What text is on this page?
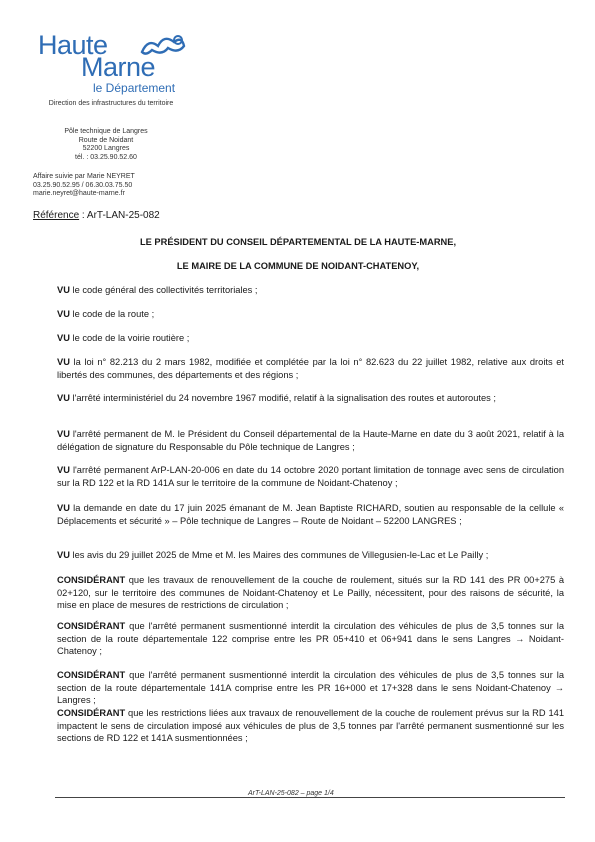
Haute
Marne
le Département
Direction des infrastructures du territoire
Pôle technique de Langres
Route de Noidant
52200 Langres
tél. : 03.25.90.52.60
Affaire suivie par Marie NEYRET
03.25.90.52.95 / 06.30.03.75.50
marie.neyret@haute-marne.fr
Référence : ArT-LAN-25-082
LE PRÉSIDENT DU CONSEIL DÉPARTEMENTAL DE LA HAUTE-MARNE,
LE MAIRE DE LA COMMUNE DE NOIDANT-CHATENOY,
VU le code général des collectivités territoriales ;
VU le code de la route ;
VU le code de la voirie routière ;
VU la loi n° 82.213 du 2 mars 1982, modifiée et complétée par la loi n° 82.623 du 22 juillet 1982, relative aux droits et libertés des communes, des départements et des régions ;
VU l'arrêté interministériel du 24 novembre 1967 modifié, relatif à la signalisation des routes et autoroutes ;
VU l'arrêté permanent de M. le Président du Conseil départemental de la Haute-Marne en date du 3 août 2021, relatif à la délégation de signature du Responsable du Pôle technique de Langres ;
VU l'arrêté permanent ArP-LAN-20-006 en date du 14 octobre 2020 portant limitation de tonnage avec sens de circulation sur la RD 122 et la RD 141A sur le territoire de la commune de Noidant-Chatenoy ;
VU la demande en date du 17 juin 2025 émanant de M. Jean Baptiste RICHARD, soutien au responsable de la cellule « Déplacements et sécurité » – Pôle technique de Langres – Route de Noidant – 52200 LANGRES ;
VU les avis du 29 juillet 2025 de Mme et M. les Maires des communes de Villegusien-le-Lac et Le Pailly ;
CONSIDÉRANT que les travaux de renouvellement de la couche de roulement, situés sur la RD 141 des PR 00+275 à 02+120, sur le territoire des communes de Noidant-Chatenoy et Le Pailly, nécessitent, pour des raisons de sécurité, la mise en place de mesures de restrictions de circulation ;
CONSIDÉRANT que l'arrêté permanent susmentionné interdit la circulation des véhicules de plus de 3,5 tonnes sur la section de la route départementale 122 comprise entre les PR 05+410 et 06+941 dans le sens Langres → Noidant-Chatenoy ;
CONSIDÉRANT que l'arrêté permanent susmentionné interdit la circulation des véhicules de plus de 3,5 tonnes sur la section de la route départementale 141A comprise entre les PR 16+000 et 17+328 dans le sens Noidant-Chatenoy → Langres ;
CONSIDÉRANT que les restrictions liées aux travaux de renouvellement de la couche de roulement prévus sur la RD 141 impactent le sens de circulation imposé aux véhicules de plus de 3,5 tonnes par l'arrêté permanent susmentionné sur les sections de RD 122 et 141A susmentionnées ;
ArT-LAN-25-082 – page 1/4
